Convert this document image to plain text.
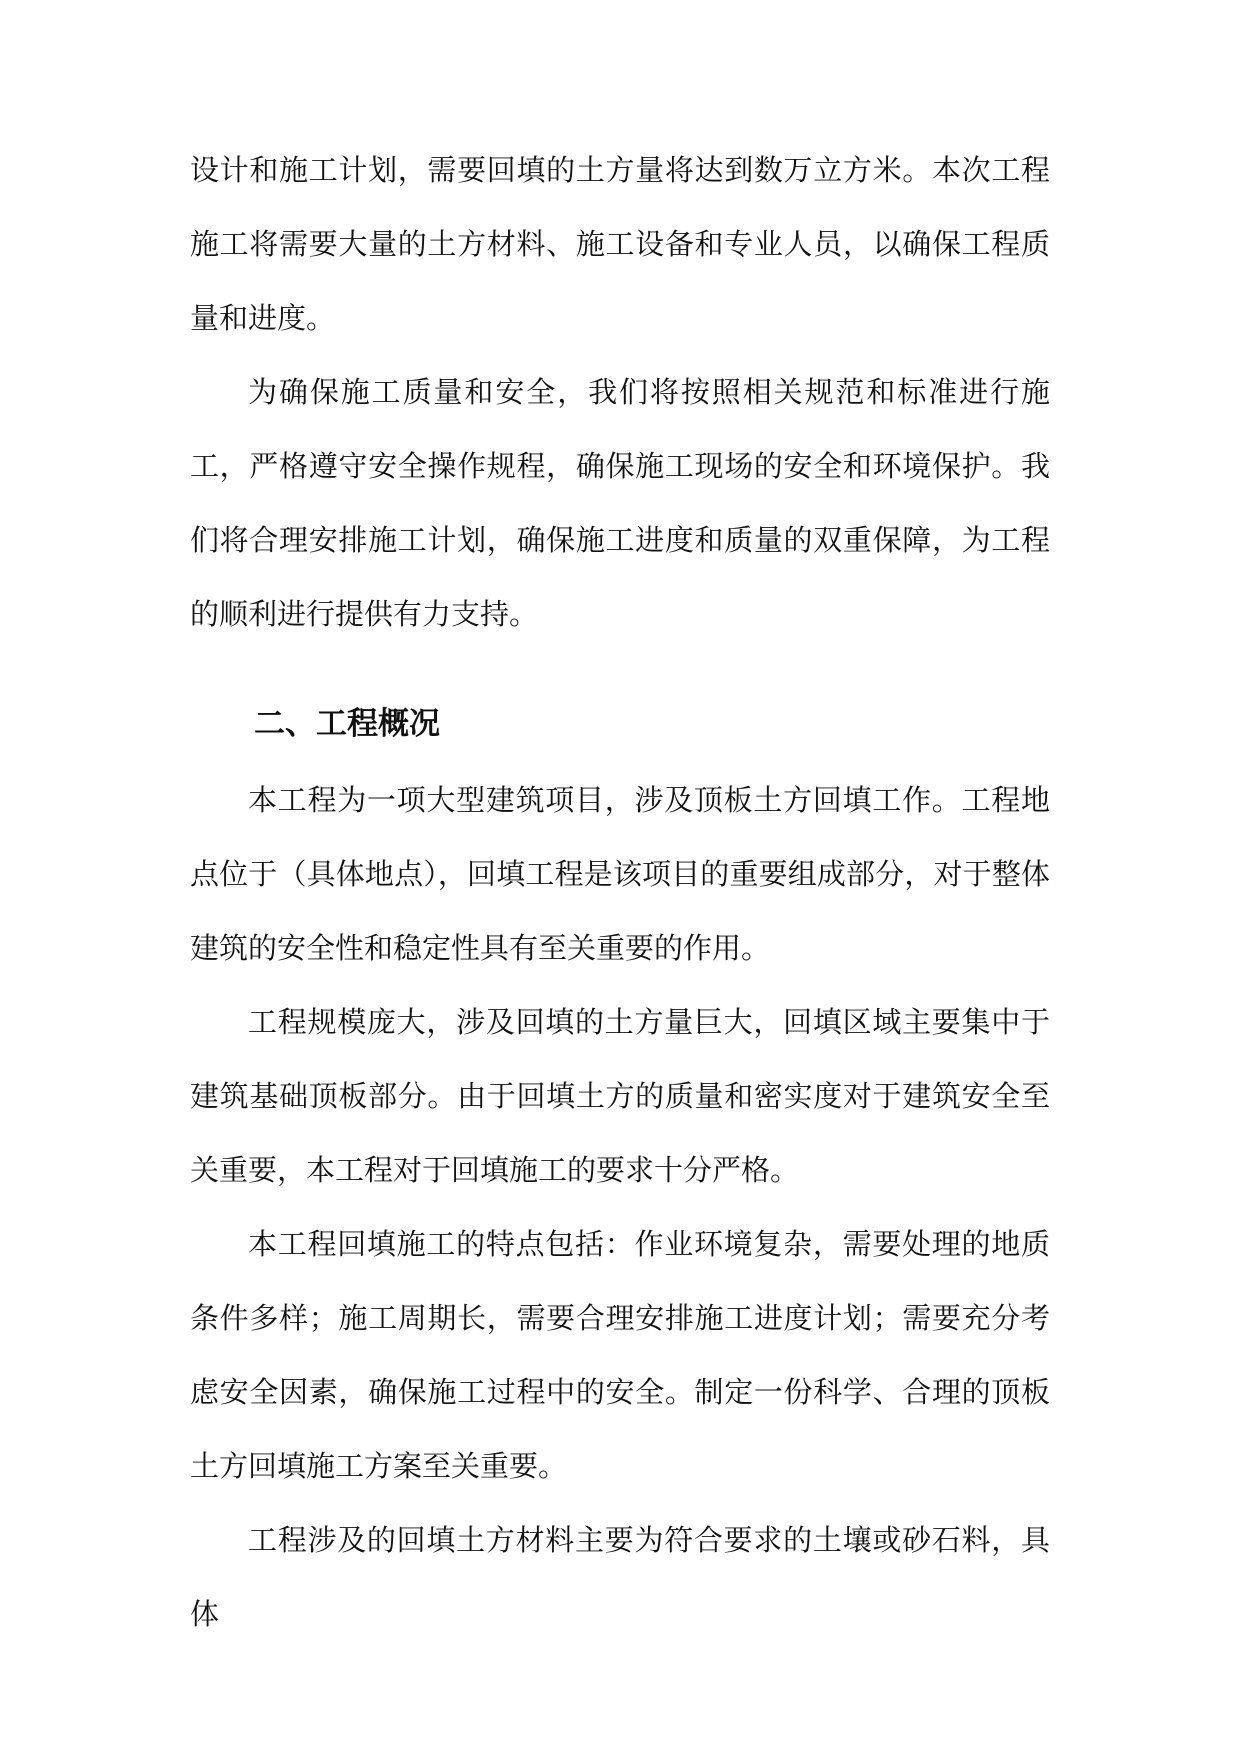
设计和施工计划，需要回填的土方量将达到数万立方米。本次工程施工将需要大量的土方材料、施工设备和专业人员，以确保工程质量和进度。

为确保施工质量和安全，我们将按照相关规范和标准进行施工，严格遵守安全操作规程，确保施工现场的安全和环境保护。我们将合理安排施工计划，确保施工进度和质量的双重保障，为工程的顺利进行提供有力支持。

二、工程概况

本工程为一项大型建筑项目，涉及顶板土方回填工作。工程地点位于（具体地点），回填工程是该项目的重要组成部分，对于整体建筑的安全性和稳定性具有至关重要的作用。

工程规模庞大，涉及回填的土方量巨大，回填区域主要集中于建筑基础顶板部分。由于回填土方的质量和密实度对于建筑安全至关重要，本工程对于回填施工的要求十分严格。

本工程回填施工的特点包括：作业环境复杂，需要处理的地质条件多样；施工周期长，需要合理安排施工进度计划；需要充分考虑安全因素，确保施工过程中的安全。制定一份科学、合理的顶板土方回填施工方案至关重要。

工程涉及的回填土方材料主要为符合要求的土壤或砂石料，具体
